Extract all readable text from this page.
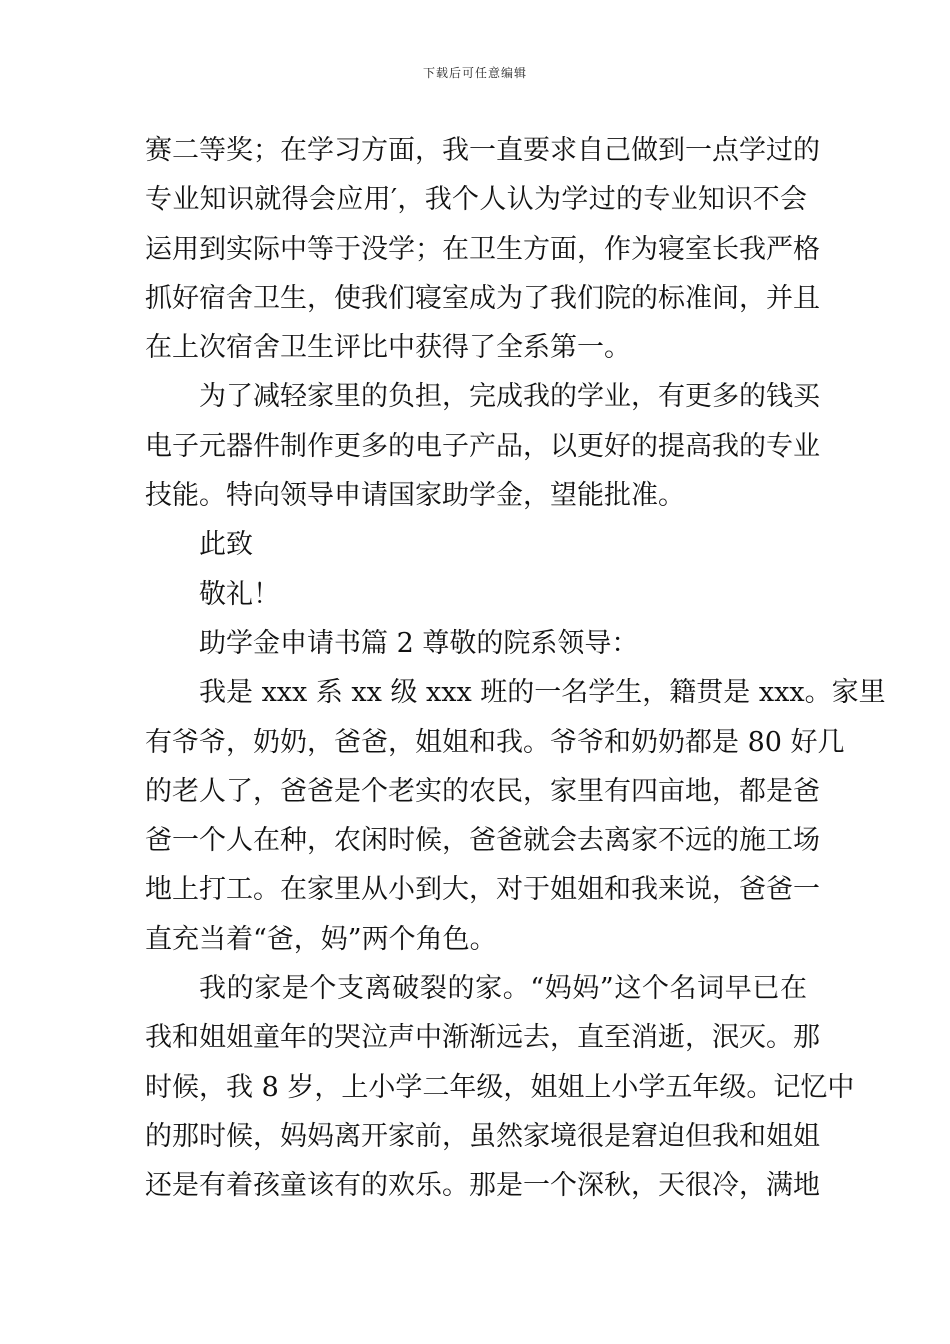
下载后可任意编辑
赛二等奖；在学习方面，我一直要求自己做到一点学过的
专业知识就得会应用′，我个人认为学过的专业知识不会
运用到实际中等于没学；在卫生方面，作为寝室长我严格
抓好宿舍卫生，使我们寝室成为了我们院的标准间，并且
在上次宿舍卫生评比中获得了全系第一。
为了减轻家里的负担，完成我的学业，有更多的钱买
电子元器件制作更多的电子产品，以更好的提高我的专业
技能。特向领导申请国家助学金，望能批准。
此致
敬礼！
助学金申请书篇 2 尊敬的院系领导：
我是 xxx 系 xx 级 xxx 班的一名学生，籍贯是 xxx。家里
有爷爷，奶奶，爸爸，姐姐和我。爷爷和奶奶都是 80 好几
的老人了，爸爸是个老实的农民，家里有四亩地，都是爸
爸一个人在种，农闲时候，爸爸就会去离家不远的施工场
地上打工。在家里从小到大，对于姐姐和我来说，爸爸一
直充当着“爸，妈”两个角色。
我的家是个支离破裂的家。“妈妈”这个名词早已在
我和姐姐童年的哭泣声中渐渐远去，直至消逝，泯灭。那
时候，我 8 岁，上小学二年级，姐姐上小学五年级。记忆中
的那时候，妈妈离开家前，虽然家境很是窘迫但我和姐姐
还是有着孩童该有的欢乐。那是一个深秋，天很冷，满地
